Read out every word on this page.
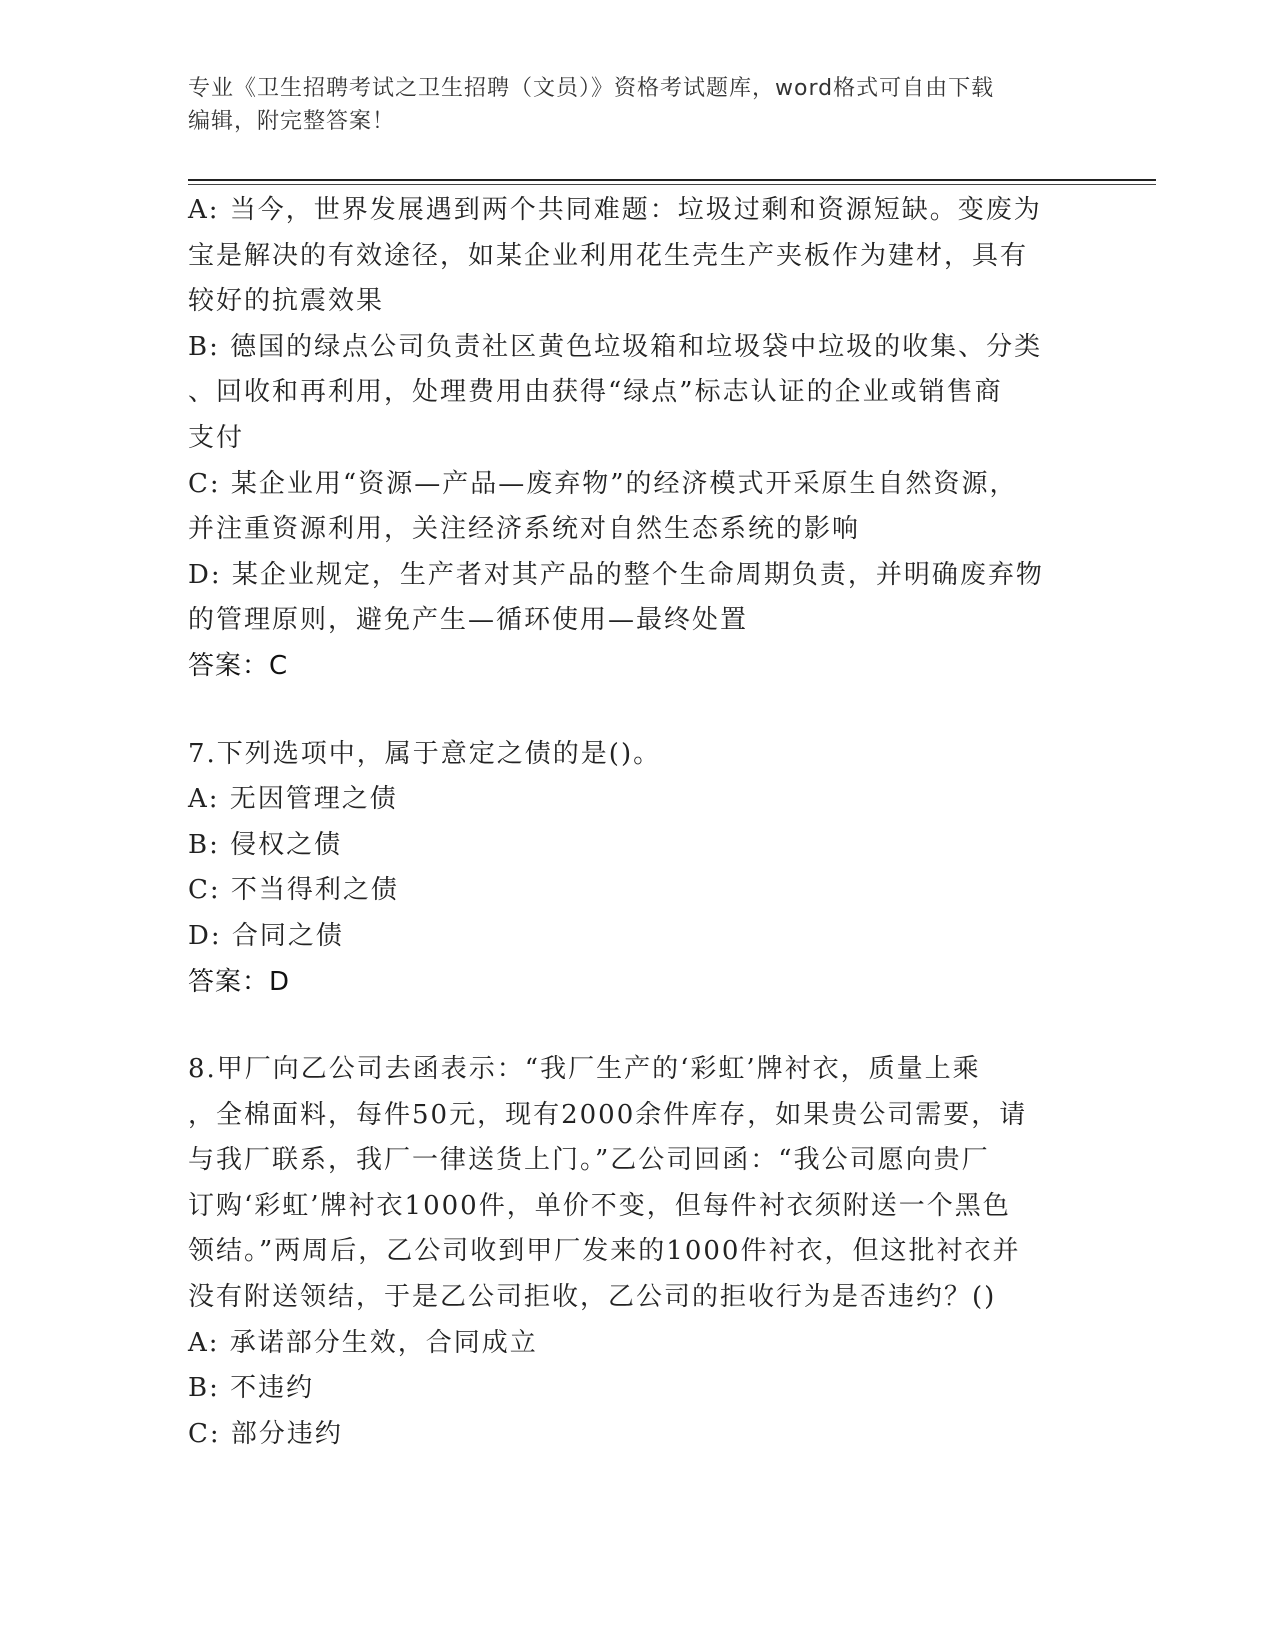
专业《卫生招聘考试之卫生招聘（文员）》资格考试题库，word格式可自由下载

编辑，附完整答案！

A: 当今，世界发展遇到两个共同难题：垃圾过剩和资源短缺。变废为

宝是解决的有效途径，如某企业利用花生壳生产夹板作为建材，具有

较好的抗震效果

B: 德国的绿点公司负责社区黄色垃圾箱和垃圾袋中垃圾的收集、分类

、回收和再利用，处理费用由获得“绿点”标志认证的企业或销售商

支付

C: 某企业用“资源—产品—废弃物”的经济模式开采原生自然资源，

并注重资源利用，关注经济系统对自然生态系统的影响

D: 某企业规定，生产者对其产品的整个生命周期负责，并明确废弃物

的管理原则，避免产生—循环使用—最终处置

答案：C

7.下列选项中，属于意定之债的是()。

A: 无因管理之债

B: 侵权之债

C: 不当得利之债

D: 合同之债

答案：D

8.甲厂向乙公司去函表示：“我厂生产的‘彩虹’牌衬衣，质量上乘

，全棉面料，每件50元，现有2000余件库存，如果贵公司需要，请

与我厂联系，我厂一律送货上门。”乙公司回函：“我公司愿向贵厂

订购‘彩虹’牌衬衣1000件，单价不变，但每件衬衣须附送一个黑色

领结。”两周后，乙公司收到甲厂发来的1000件衬衣，但这批衬衣并

没有附送领结，于是乙公司拒收，乙公司的拒收行为是否违约？()

A: 承诺部分生效，合同成立

B: 不违约

C: 部分违约
